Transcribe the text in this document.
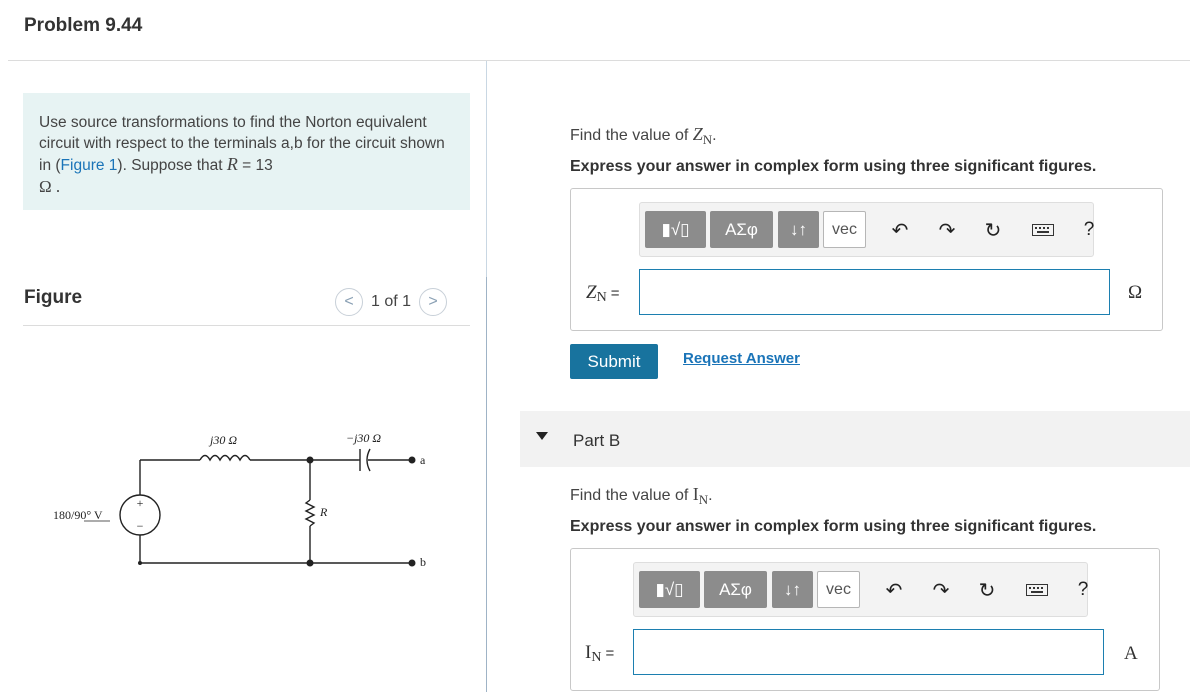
Problem 9.44
Use source transformations to find the Norton equivalent circuit with respect to the terminals a,b for the circuit shown in (Figure 1). Suppose that R = 13
Ω .
Figure	<	1 of 1	>
+
−
180/90° V
j30 Ω	−j30 Ω
R
a
b
Find the value of $Z_N$.
Express your answer in complex form using three significant figures.
▮√▯	ΑΣφ	↓↑	vec	↶ ↷ ↻	?
$Z_N$ =	Ω
Submit	Request Answer
Part B
Find the value of $I_N$.
Express your answer in complex form using three significant figures.
▮√▯	ΑΣφ	↓↑	vec	↶ ↷ ↻	?
$I_N$ =	A
